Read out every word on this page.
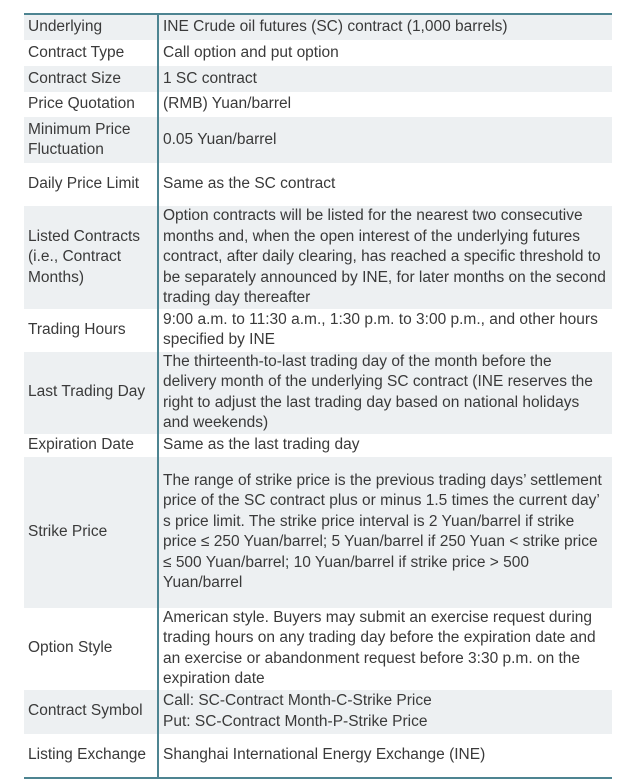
Underlying	INE Crude oil futures (SC) contract (1,000 barrels)
Contract Type	Call option and put option
Contract Size	1 SC contract
Price Quotation	(RMB) Yuan/barrel
Minimum Price Fluctuation	0.05 Yuan/barrel
Daily Price Limit	Same as the SC contract
Listed Contracts (i.e., Contract Months)	Option contracts will be listed for the nearest two consecutive months and, when the open interest of the underlying futures contract, after daily clearing, has reached a specific threshold to be separately announced by INE, for later months on the second trading day thereafter
Trading Hours	9:00 a.m. to 11:30 a.m., 1:30 p.m. to 3:00 p.m., and other hours specified by INE
Last Trading Day	The thirteenth-to-last trading day of the month before the delivery month of the underlying SC contract (INE reserves the right to adjust the last trading day based on national holidays and weekends)
Expiration Date	Same as the last trading day
Strike Price	The range of strike price is the previous trading days’ settlement price of the SC contract plus or minus 1.5 times the current day’ s price limit. The strike price interval is 2 Yuan/barrel if strike price ≤ 250 Yuan/barrel; 5 Yuan/barrel if 250 Yuan < strike price ≤ 500 Yuan/barrel; 10 Yuan/barrel if strike price > 500 Yuan/barrel
Option Style	American style. Buyers may submit an exercise request during trading hours on any trading day before the expiration date and an exercise or abandonment request before 3:30 p.m. on the expiration date
Contract Symbol	Call: SC-Contract Month-C-Strike Price
Put: SC-Contract Month-P-Strike Price

Listing Exchange	Shanghai International Energy Exchange (INE)
